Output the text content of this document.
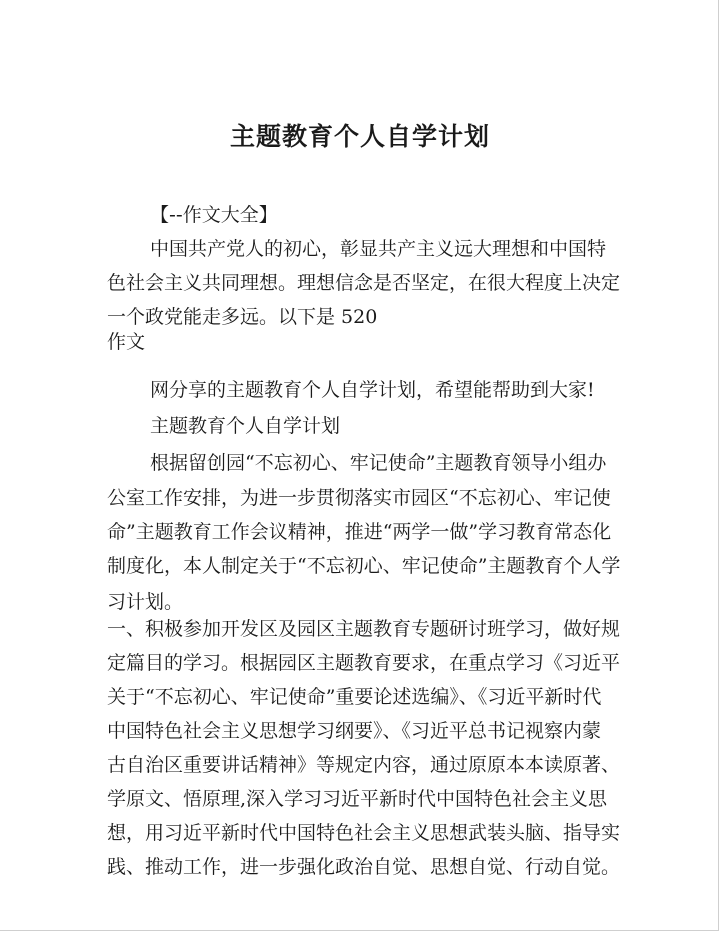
主题教育个人自学计划
【--作文大全】
中国共产党人的初心，彰显共产主义远大理想和中国特
色社会主义共同理想。理想信念是否坚定，在很大程度上决定
一个政党能走多远。以下是 520
作文
网分享的主题教育个人自学计划，希望能帮助到大家!
主题教育个人自学计划
根据留创园“不忘初心、牢记使命”主题教育领导小组办
公室工作安排，为进一步贯彻落实市园区“不忘初心、牢记使
命”主题教育工作会议精神，推进“两学一做”学习教育常态化
制度化，本人制定关于“不忘初心、牢记使命”主题教育个人学
习计划。
一、积极参加开发区及园区主题教育专题研讨班学习，做好规
定篇目的学习。根据园区主题教育要求，在重点学习《习近平
关于“不忘初心、牢记使命”重要论述选编》、《习近平新时代
中国特色社会主义思想学习纲要》、《习近平总书记视察内蒙
古自治区重要讲话精神》等规定内容，通过原原本本读原著、
学原文、悟原理,深入学习习近平新时代中国特色社会主义思
想，用习近平新时代中国特色社会主义思想武装头脑、指导实
践、推动工作，进一步强化政治自觉、思想自觉、行动自觉。
